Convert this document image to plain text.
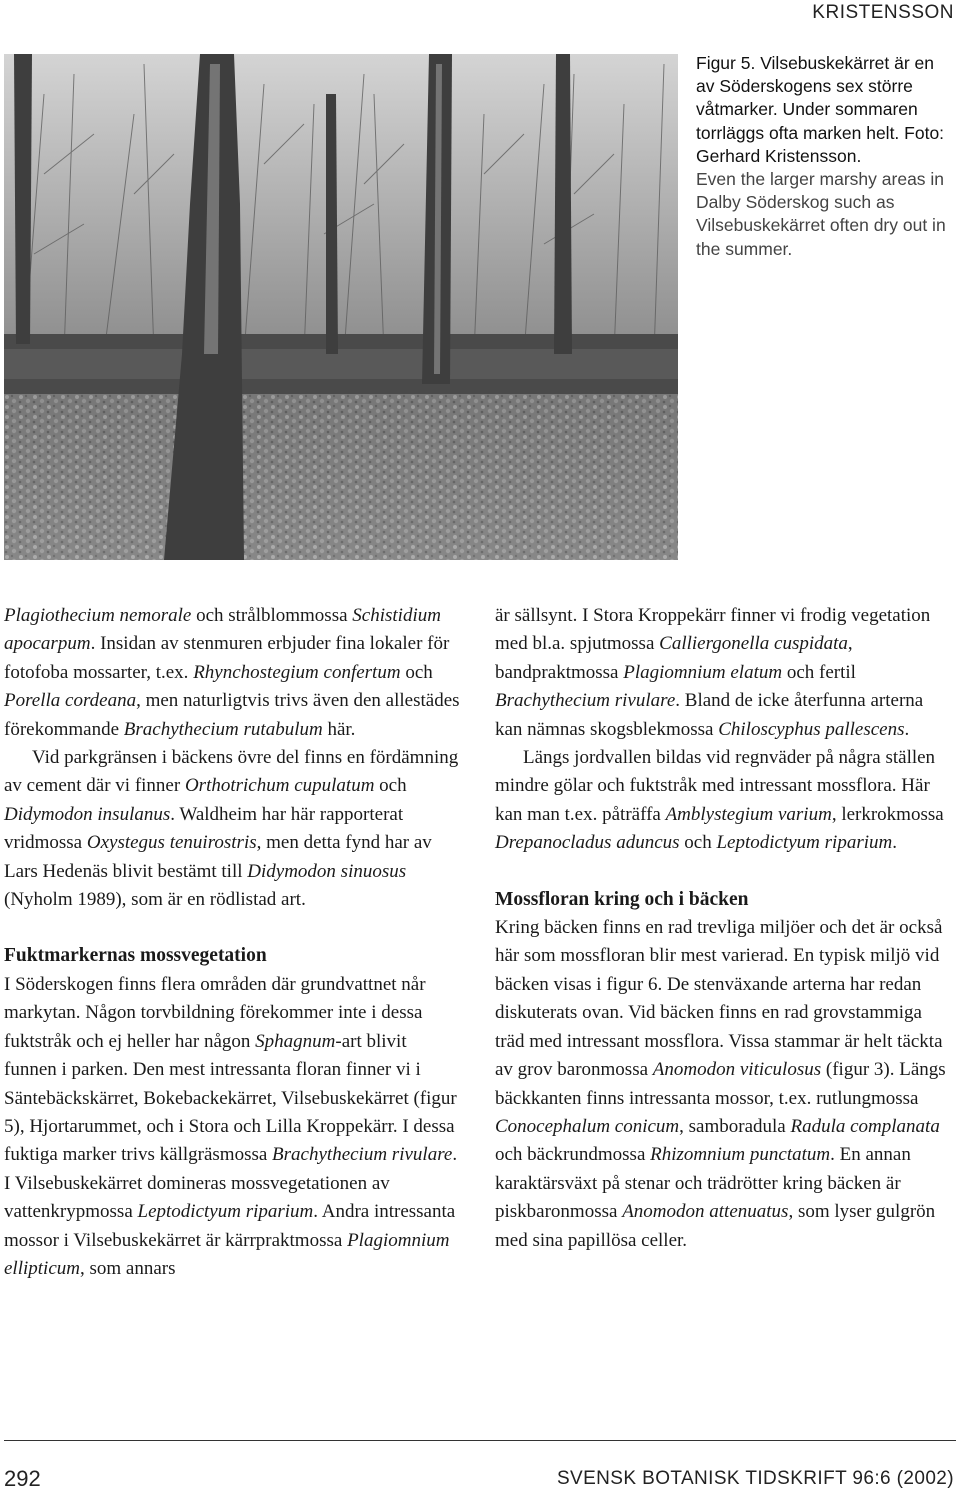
KRISTENSSON

Figur 5. Vilsebuskekärret är en av Söderskogens sex större våtmarker. Under sommaren torrläggs ofta marken helt. Foto: Gerhard Kristensson.

Even the larger marshy areas in Dalby Söderskog such as Vilsebuskekärret often dry out in the summer.

Plagiothecium nemorale och strålblommossa Schistidium apocarpum. Insidan av stenmuren erbjuder fina lokaler för fotofoba mossarter, t.ex. Rhynchostegium confertum och Porella cordeana, men naturligtvis trivs även den allestädes förekommande Brachythecium rutabulum här.

Vid parkgränsen i bäckens övre del finns en fördämning av cement där vi finner Orthotrichum cupulatum och Didymodon insulanus. Waldheim har här rapporterat vridmossa Oxystegus tenuirostris, men detta fynd har av Lars Hedenäs blivit bestämt till Didymodon sinuosus (Nyholm 1989), som är en rödlistad art.

Fuktmarkernas mossvegetation

I Söderskogen finns flera områden där grundvattnet når markytan. Någon torvbildning förekommer inte i dessa fuktstråk och ej heller har någon Sphagnum-art blivit funnen i parken. Den mest intressanta floran finner vi i Säntebäckskärret, Bokebackekärret, Vilsebuskekärret (figur 5), Hjortarummet, och i Stora och Lilla Kroppekärr. I dessa fuktiga marker trivs källgräsmossa Brachythecium rivulare. I Vilsebuskekärret domineras mossvegetationen av vattenkrypmossa Leptodictyum riparium. Andra intressanta mossor i Vilsebuskekärret är kärrpraktmossa Plagiomnium ellipticum, som annars

är sällsynt. I Stora Kroppekärr finner vi frodig vegetation med bl.a. spjutmossa Calliergonella cuspidata, bandpraktmossa Plagiomnium elatum och fertil Brachythecium rivulare. Bland de icke återfunna arterna kan nämnas skogsblekmossa Chiloscyphus pallescens.

Längs jordvallen bildas vid regnväder på några ställen mindre gölar och fuktstråk med intressant mossflora. Här kan man t.ex. påträffa Amblystegium varium, lerkrokmossa Drepanocladus aduncus och Leptodictyum riparium.

Mossfloran kring och i bäcken

Kring bäcken finns en rad trevliga miljöer och det är också här som mossfloran blir mest varierad. En typisk miljö vid bäcken visas i figur 6. De stenväxande arterna har redan diskuterats ovan. Vid bäcken finns en rad grovstammiga träd med intressant mossflora. Vissa stammar är helt täckta av grov baronmossa Anomodon viticulosus (figur 3). Längs bäckkanten finns intressanta mossor, t.ex. rutlungmossa Conocephalum conicum, samboradula Radula complanata och bäckrundmossa Rhizomnium punctatum. En annan karaktärsväxt på stenar och trädrötter kring bäcken är piskbaronmossa Anomodon attenuatus, som lyser gulgrön med sina papillösa celler.

292	SVENSK BOTANISK TIDSKRIFT 96:6 (2002)
